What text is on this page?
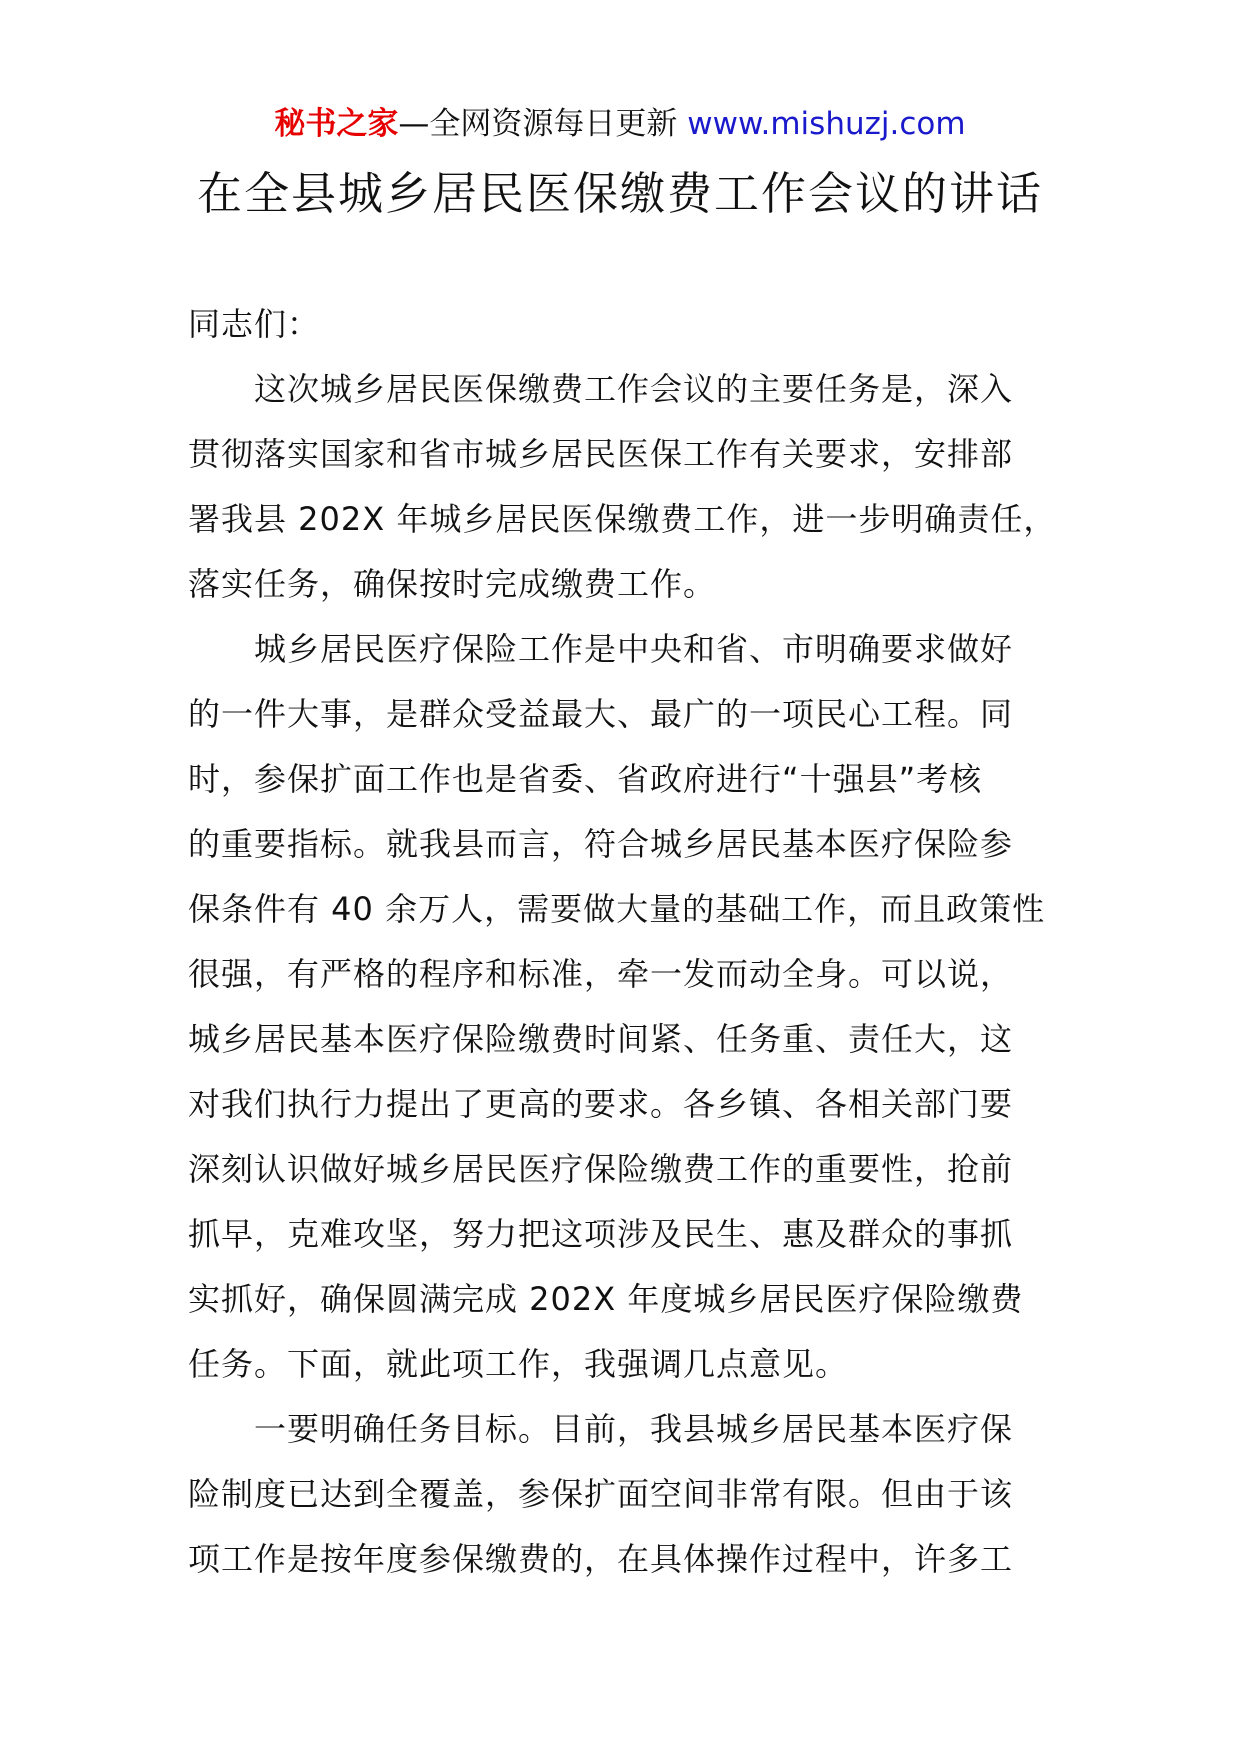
秘书之家—全网资源每日更新 www.mishuzj.com
在全县城乡居民医保缴费工作会议的讲话
同志们：
这次城乡居民医保缴费工作会议的主要任务是，深入
贯彻落实国家和省市城乡居民医保工作有关要求，安排部
署我县 202X 年城乡居民医保缴费工作，进一步明确责任，
落实任务，确保按时完成缴费工作。
城乡居民医疗保险工作是中央和省、市明确要求做好
的一件大事，是群众受益最大、最广的一项民心工程。同
时，参保扩面工作也是省委、省政府进行“十强县”考核
的重要指标。就我县而言，符合城乡居民基本医疗保险参
保条件有 40 余万人，需要做大量的基础工作，而且政策性
很强，有严格的程序和标准，牵一发而动全身。可以说，
城乡居民基本医疗保险缴费时间紧、任务重、责任大，这
对我们执行力提出了更高的要求。各乡镇、各相关部门要
深刻认识做好城乡居民医疗保险缴费工作的重要性，抢前
抓早，克难攻坚，努力把这项涉及民生、惠及群众的事抓
实抓好，确保圆满完成 202X 年度城乡居民医疗保险缴费
任务。下面，就此项工作，我强调几点意见。
一要明确任务目标。目前，我县城乡居民基本医疗保
险制度已达到全覆盖，参保扩面空间非常有限。但由于该
项工作是按年度参保缴费的，在具体操作过程中，许多工
